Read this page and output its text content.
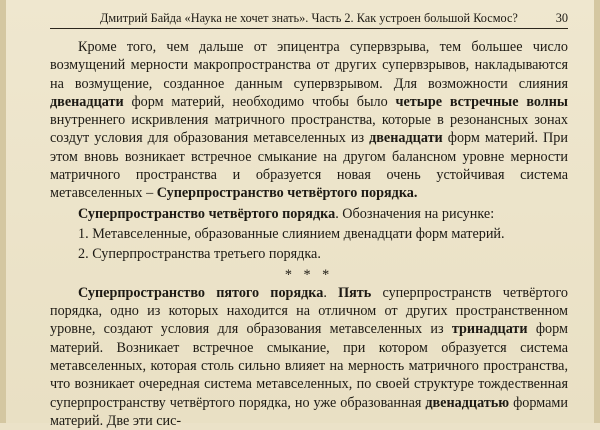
Дмитрий Байда «Наука не хочет знать». Часть 2. Как устроен большой Космос?	30

Кроме того, чем дальше от эпицентра супервзрыва, тем большее число возмущений мерности макропространства от других супервзрывов, накладываются на возмущение, созданное данным супервзрывом. Для возможности слияния двенадцати форм материй, необходимо чтобы было четыре встречные волны внутреннего искривления матричного пространства, которые в резонансных зонах создут условия для образования метавселенных из двенадцати форм материй. При этом вновь возникает встречное смыкание на другом балансном уровне мерности матричного пространства и образуется новая очень устойчивая система метавселенных – Суперпространство четвёртого порядка.

Суперпространство четвёртого порядка. Обозначения на рисунке:

1. Метавселенные, образованные слиянием двенадцати форм материй.

2. Суперпространства третьего порядка.

* * *

Суперпространство пятого порядка. Пять суперпространств четвёртого порядка, одно из которых находится на отличном от других пространственном уровне, создают условия для образования метавселенных из тринадцати форм материй. Возникает встречное смыкание, при котором образуется система метавселенных, которая столь сильно влияет на мерность матричного пространства, что возникает очередная система метавселенных, по своей структуре тождественная суперпространству четвёртого порядка, но уже образованная двенадцатью формами материй. Две эти сис-
